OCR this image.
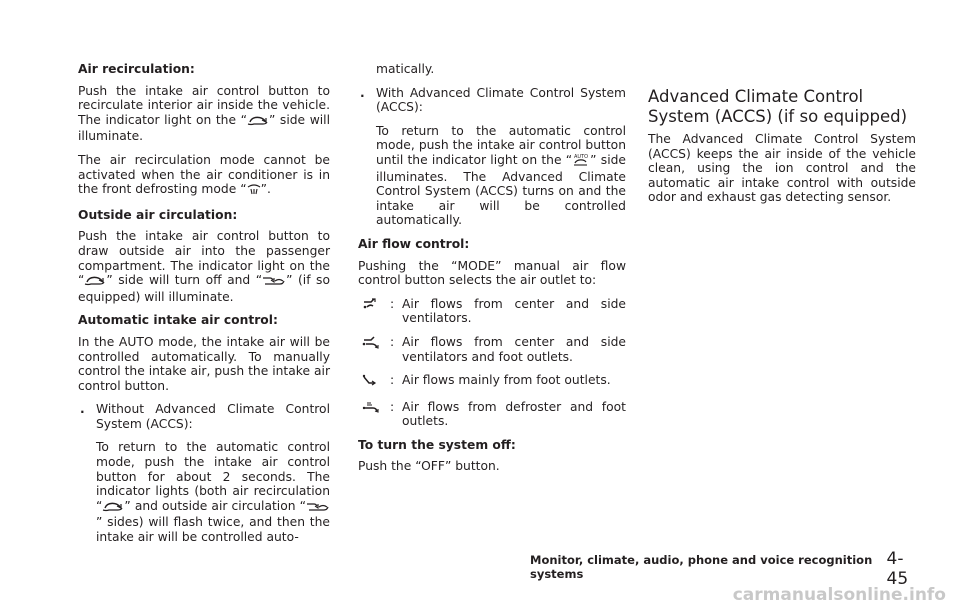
Air recirculation:

Push the intake air control button to recirculate interior air inside the vehicle. The indicator light on the “ ” side will illuminate.

The air recirculation mode cannot be activated when the air conditioner is in the front defrosting mode “ ”.

Outside air circulation:

Push the intake air control button to draw outside air into the passenger compartment. The indicator light on the “ ” side will turn off and “ ” (if so equipped) will illuminate.

Automatic intake air control:

In the AUTO mode, the intake air will be controlled automatically. To manually control the intake air, push the intake air control button.

. Without Advanced Climate Control System (ACCS):

To return to the automatic control mode, push the intake air control button for about 2 seconds. The indicator lights (both air recirculation “ ” and outside air circulation “” sides) will flash twice, and then the intake air will be controlled auto-

matically.

. With Advanced Climate Control System (ACCS):

To return to the automatic control mode, push the intake air control button until the indicator light on the “ AUTO ” side illuminates. The Advanced Climate Control System (ACCS) turns on and the intake air will be controlled automatically.

Air flow control:

Pushing the “MODE” manual air flow control button selects the air outlet to:

: Air flows from center and side ventilators.
: Air flows from center and side ventilators and foot outlets.
: Air flows mainly from foot outlets.
: Air flows from defroster and foot outlets.

To turn the system off:

Push the “OFF” button.

Advanced Climate Control System (ACCS) (if so equipped)

The Advanced Climate Control System (ACCS) keeps the air inside of the vehicle clean, using the ion control and the automatic air intake control with outside odor and exhaust gas detecting sensor.

Monitor, climate, audio, phone and voice recognition systems
4-45
carmanualsonline.info
